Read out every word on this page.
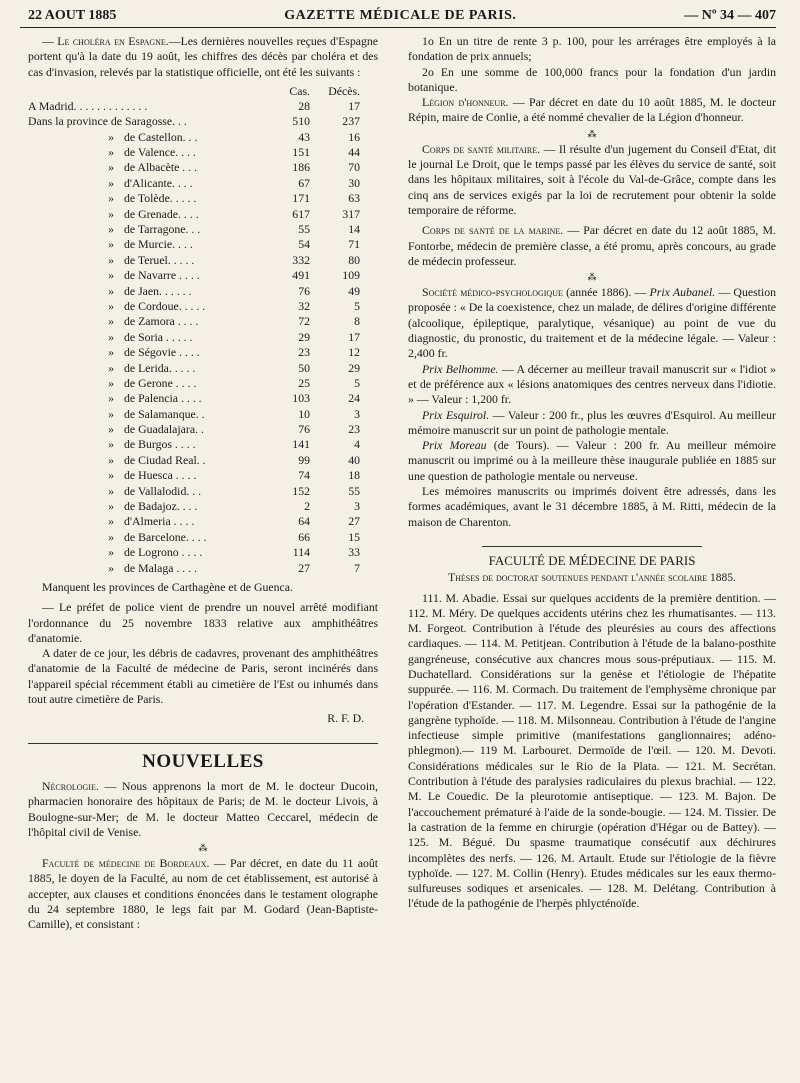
22 AOUT 1885	GAZETTE MÉDICALE DE PARIS.	— Nº 34 — 407

— Le choléra en Espagne.—Les dernières nouvelles reçues d'Espagne portent qu'à la date du 19 août, les chiffres des décès par choléra et des cas d'invasion, relevés par la statistique officielle, ont été les suivants :

Cas.	Décès.
A Madrid. . . . . . . . . . . . .	28	17
Dans la province de Saragosse. . .	510	237
» de Castellon. . .	43	16
» de Valence. . . .	151	44
» de Albacète . . .	186	70
» d'Alicante. . . .	67	30
» de Tolède. . . . .	171	63
» de Grenade. . . .	617	317
» de Tarragone. . .	55	14
» de Murcie. . . .	54	71
» de Teruel. . . . .	332	80
» de Navarre . . . .	491	109
» de Jaen. . . . . .	76	49
» de Cordoue. . . . .	32	5
» de Zamora . . . .	72	8
» de Soria . . . . .	29	17
» de Ségovie . . . .	23	12
» de Lerida. . . . .	50	29
» de Gerone . . . .	25	5
» de Palencia . . . .	103	24
» de Salamanque. .	10	3
» de Guadalajara. .	76	23
» de Burgos . . . .	141	4
» de Ciudad Real. .	99	40
» de Huesca . . . .	74	18
» de Vallalodid. . .	152	55
» de Badajoz. . . .	2	3
» d'Almeria . . . .	64	27
» de Barcelone. . . .	66	15
» de Logrono . . . .	114	33
» de Malaga . . . .	27	7

Manquent les provinces de Carthagène et de Guenca.

— Le préfet de police vient de prendre un nouvel arrêté modifiant l'ordonnance du 25 novembre 1833 relative aux amphithéâtres d'anatomie.

A dater de ce jour, les débris de cadavres, provenant des amphithéâtres d'anatomie de la Faculté de médecine de Paris, seront incinérés dans l'appareil spécial récemment établi au cimetière de l'Est ou inhumés dans tout autre cimetière de Paris.

R. F. D.

NOUVELLES

Nécrologie. — Nous apprenons la mort de M. le docteur Ducoin, pharmacien honoraire des hôpitaux de Paris; de M. le docteur Livois, à Boulogne-sur-Mer; de M. le docteur Matteo Ceccarel, médecin de l'hôpital civil de Venise.

⁂

Faculté de médecine de Bordeaux. — Par décret, en date du 11 août 1885, le doyen de la Faculté, au nom de cet établissement, est autorisé à accepter, aux clauses et conditions énoncées dans le testament olographe du 24 septembre 1880, le legs fait par M. Godard (Jean-Baptiste-Camille), et consistant :

1o En un titre de rente 3 p. 100, pour les arrérages être employés à la fondation de prix annuels;

2o En une somme de 100,000 francs pour la fondation d'un jardin botanique.

Légion d'honneur. — Par décret en date du 10 août 1885, M. le docteur Répin, maire de Conlie, a été nommé chevalier de la Légion d'honneur.

⁂

Corps de santé militaire. — Il résulte d'un jugement du Conseil d'Etat, dit le journal Le Droit, que le temps passé par les élèves du service de santé, soit dans les hôpitaux militaires, soit à l'école du Val-de-Grâce, compte dans les cinq ans de services exigés par la loi de recrutement pour obtenir la solde temporaire de réforme.

Corps de santé de la marine. — Par décret en date du 12 août 1885, M. Fontorbe, médecin de première classe, a été promu, après concours, au grade de médecin professeur.

⁂

Société médico-psychologique (année 1886). — Prix Aubanel. — Question proposée : « De la coexistence, chez un malade, de délires d'origine différente (alcoolique, épileptique, paralytique, vésanique) au point de vue du diagnostic, du pronostic, du traitement et de la médecine légale. — Valeur : 2,400 fr.

Prix Belhomme. — A décerner au meilleur travail manuscrit sur « l'idiot » et de préférence aux « lésions anatomiques des centres nerveux dans l'idiotie. » — Valeur : 1,200 fr.

Prix Esquirol. — Valeur : 200 fr., plus les œuvres d'Esquirol. Au meilleur mémoire manuscrit sur un point de pathologie mentale.

Prix Moreau (de Tours). — Valeur : 200 fr. Au meilleur mémoire manuscrit ou imprimé ou à la meilleure thèse inaugurale publiée en 1885 sur une question de pathologie mentale ou nerveuse.

Les mémoires manuscrits ou imprimés doivent être adressés, dans les formes académiques, avant le 31 décembre 1885, à M. Ritti, médecin de la maison de Charenton.

FACULTÉ DE MÉDECINE DE PARIS
Thèses de doctorat soutenues pendant l'année scolaire 1885.

111. M. Abadie. Essai sur quelques accidents de la première dentition. — 112. M. Méry. De quelques accidents utérins chez les rhumatisantes. — 113. M. Forgeot. Contribution à l'étude des pleurésies au cours des affections cardiaques. — 114. M. Petitjean. Contribution à l'étude de la balano-posthite gangréneuse, consécutive aux chancres mous sous-préputiaux. — 115. M. Duchatellard. Considérations sur la genèse et l'étiologie de l'hépatite suppurée. — 116. M. Cormach. Du traitement de l'emphysème chronique par l'opération d'Estander. — 117. M. Legendre. Essai sur la pathogénie de la gangrène typhoïde. — 118. M. Milsonneau. Contribution à l'étude de l'angine infectieuse simple primitive (manifestations ganglionnaires; adéno-phlegmon).— 119 M. Larbouret. Dermoïde de l'œil. — 120. M. Devoti. Considérations médicales sur le Rio de la Plata. — 121. M. Secrétan. Contribution à l'étude des paralysies radiculaires du plexus brachial. — 122. M. Le Couedic. De la pleurotomie antiseptique. — 123. M. Bajon. De l'accouchement prématuré à l'aide de la sonde-bougie. — 124. M. Tissier. De la castration de la femme en chirurgie (opération d'Hégar ou de Battey). — 125. M. Bégué. Du spasme traumatique consécutif aux déchirures incomplètes des nerfs. — 126. M. Artault. Etude sur l'étiologie de la fièvre typhoïde. — 127. M. Collin (Henry). Etudes médicales sur les eaux thermo-sulfureuses sodiques et arsenicales. — 128. M. Delétang. Contribution à l'étude de la pathogénie de l'herpès phlycténoïde.
